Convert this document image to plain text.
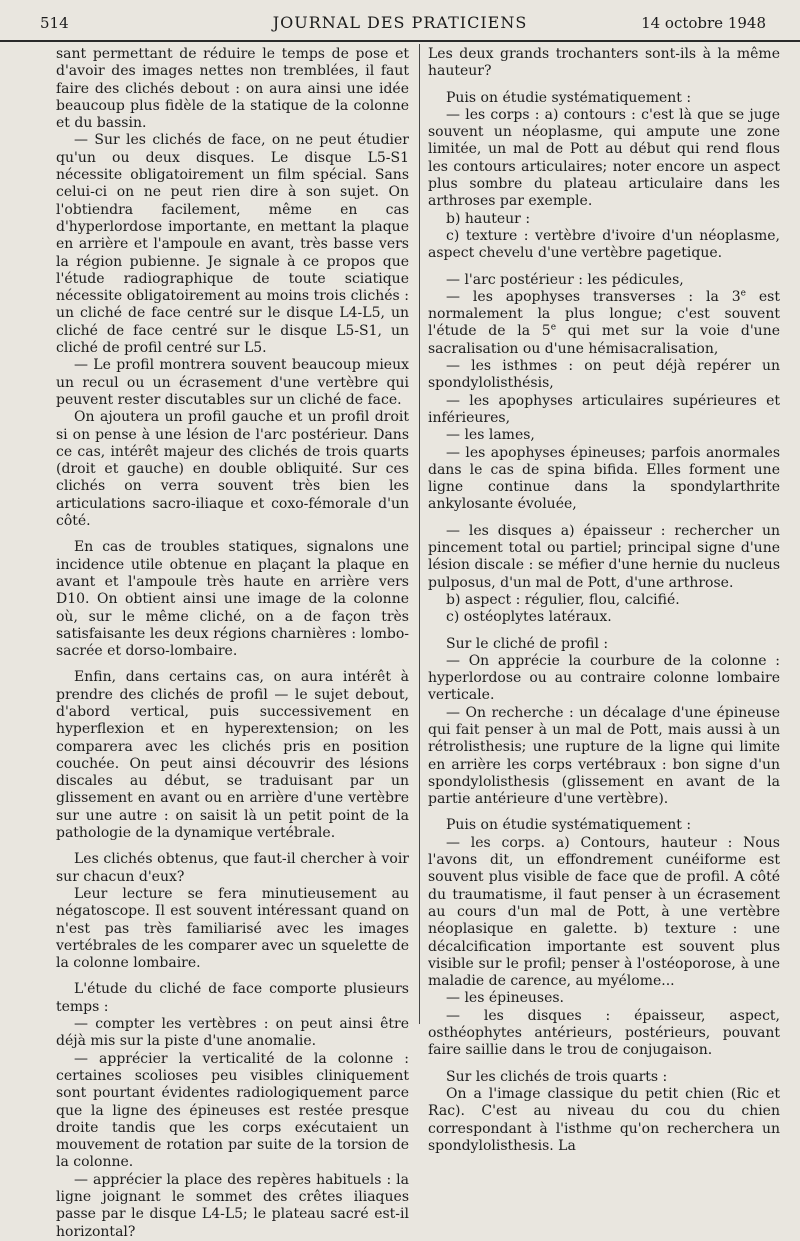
514	JOURNAL DES PRATICIENS	14 octobre 1948

sant permettant de réduire le temps de pose et d'avoir des images nettes non tremblées, il faut faire des clichés debout : on aura ainsi une idée beaucoup plus fidèle de la statique de la colonne et du bassin.

— Sur les clichés de face, on ne peut étudier qu'un ou deux disques. Le disque L5-S1 nécessite obligatoirement un film spécial. Sans celui-ci on ne peut rien dire à son sujet. On l'obtiendra facilement, même en cas d'hyperlordose importante, en mettant la plaque en arrière et l'ampoule en avant, très basse vers la région pubienne. Je signale à ce propos que l'étude radiographique de toute sciatique nécessite obligatoirement au moins trois clichés : un cliché de face centré sur le disque L4-L5, un cliché de face centré sur le disque L5-S1, un cliché de profil centré sur L5.

— Le profil montrera souvent beaucoup mieux un recul ou un écrasement d'une vertèbre qui peuvent rester discutables sur un cliché de face.

On ajoutera un profil gauche et un profil droit si on pense à une lésion de l'arc postérieur. Dans ce cas, intérêt majeur des clichés de trois quarts (droit et gauche) en double obliquité. Sur ces clichés on verra souvent très bien les articulations sacro-iliaque et coxo-fémorale d'un côté.

En cas de troubles statiques, signalons une incidence utile obtenue en plaçant la plaque en avant et l'ampoule très haute en arrière vers D10. On obtient ainsi une image de la colonne où, sur le même cliché, on a de façon très satisfaisante les deux régions charnières : lombo-sacrée et dorso-lombaire.

Enfin, dans certains cas, on aura intérêt à prendre des clichés de profil — le sujet debout, d'abord vertical, puis successivement en hyperflexion et en hyperextension; on les comparera avec les clichés pris en position couchée. On peut ainsi découvrir des lésions discales au début, se traduisant par un glissement en avant ou en arrière d'une vertèbre sur une autre : on saisit là un petit point de la pathologie de la dynamique vertébrale.

Les clichés obtenus, que faut-il chercher à voir sur chacun d'eux?

Leur lecture se fera minutieusement au négatoscope. Il est souvent intéressant quand on n'est pas très familiarisé avec les images vertébrales de les comparer avec un squelette de la colonne lombaire.

L'étude du cliché de face comporte plusieurs temps :

— compter les vertèbres : on peut ainsi être déjà mis sur la piste d'une anomalie.

— apprécier la verticalité de la colonne : certaines scolioses peu visibles cliniquement sont pourtant évidentes radiologiquement parce que la ligne des épineuses est restée presque droite tandis que les corps exécutaient un mouvement de rotation par suite de la torsion de la colonne.

— apprécier la place des repères habituels : la ligne joignant le sommet des crêtes iliaques passe par le disque L4-L5; le plateau sacré est-il horizontal?

Les deux grands trochanters sont-ils à la même hauteur?

Puis on étudie systématiquement :

— les corps : a) contours : c'est là que se juge souvent un néoplasme, qui ampute une zone limitée, un mal de Pott au début qui rend flous les contours articulaires; noter encore un aspect plus sombre du plateau articulaire dans les arthroses par exemple.

b) hauteur :

c) texture : vertèbre d'ivoire d'un néoplasme, aspect chevelu d'une vertèbre pagetique.

— l'arc postérieur : les pédicules,

— les apophyses transverses : la 3e est normalement la plus longue; c'est souvent l'étude de la 5e qui met sur la voie d'une sacralisation ou d'une hémisacralisation,

— les isthmes : on peut déjà repérer un spondylolisthésis,

— les apophyses articulaires supérieures et inférieures,

— les lames,

— les apophyses épineuses; parfois anormales dans le cas de spina bifida. Elles forment une ligne continue dans la spondylarthrite ankylosante évoluée,

— les disques a) épaisseur : rechercher un pincement total ou partiel; principal signe d'une lésion discale : se méfier d'une hernie du nucleus pulposus, d'un mal de Pott, d'une arthrose.

b) aspect : régulier, flou, calcifié.

c) ostéoplytes latéraux.

Sur le cliché de profil :

— On apprécie la courbure de la colonne : hyperlordose ou au contraire colonne lombaire verticale.

— On recherche : un décalage d'une épineuse qui fait penser à un mal de Pott, mais aussi à un rétrolisthesis; une rupture de la ligne qui limite en arrière les corps vertébraux : bon signe d'un spondylolisthesis (glissement en avant de la partie antérieure d'une vertèbre).

Puis on étudie systématiquement :

— les corps. a) Contours, hauteur : Nous l'avons dit, un effondrement cunéiforme est souvent plus visible de face que de profil. A côté du traumatisme, il faut penser à un écrasement au cours d'un mal de Pott, à une vertèbre néoplasique en galette. b) texture : une décalcification importante est souvent plus visible sur le profil; penser à l'ostéoporose, à une maladie de carence, au myélome...

— les épineuses.

— les disques : épaisseur, aspect, osthéophytes antérieurs, postérieurs, pouvant faire saillie dans le trou de conjugaison.

Sur les clichés de trois quarts :

On a l'image classique du petit chien (Ric et Rac). C'est au niveau du cou du chien correspondant à l'isthme qu'on recherchera un spondylolisthesis. La
